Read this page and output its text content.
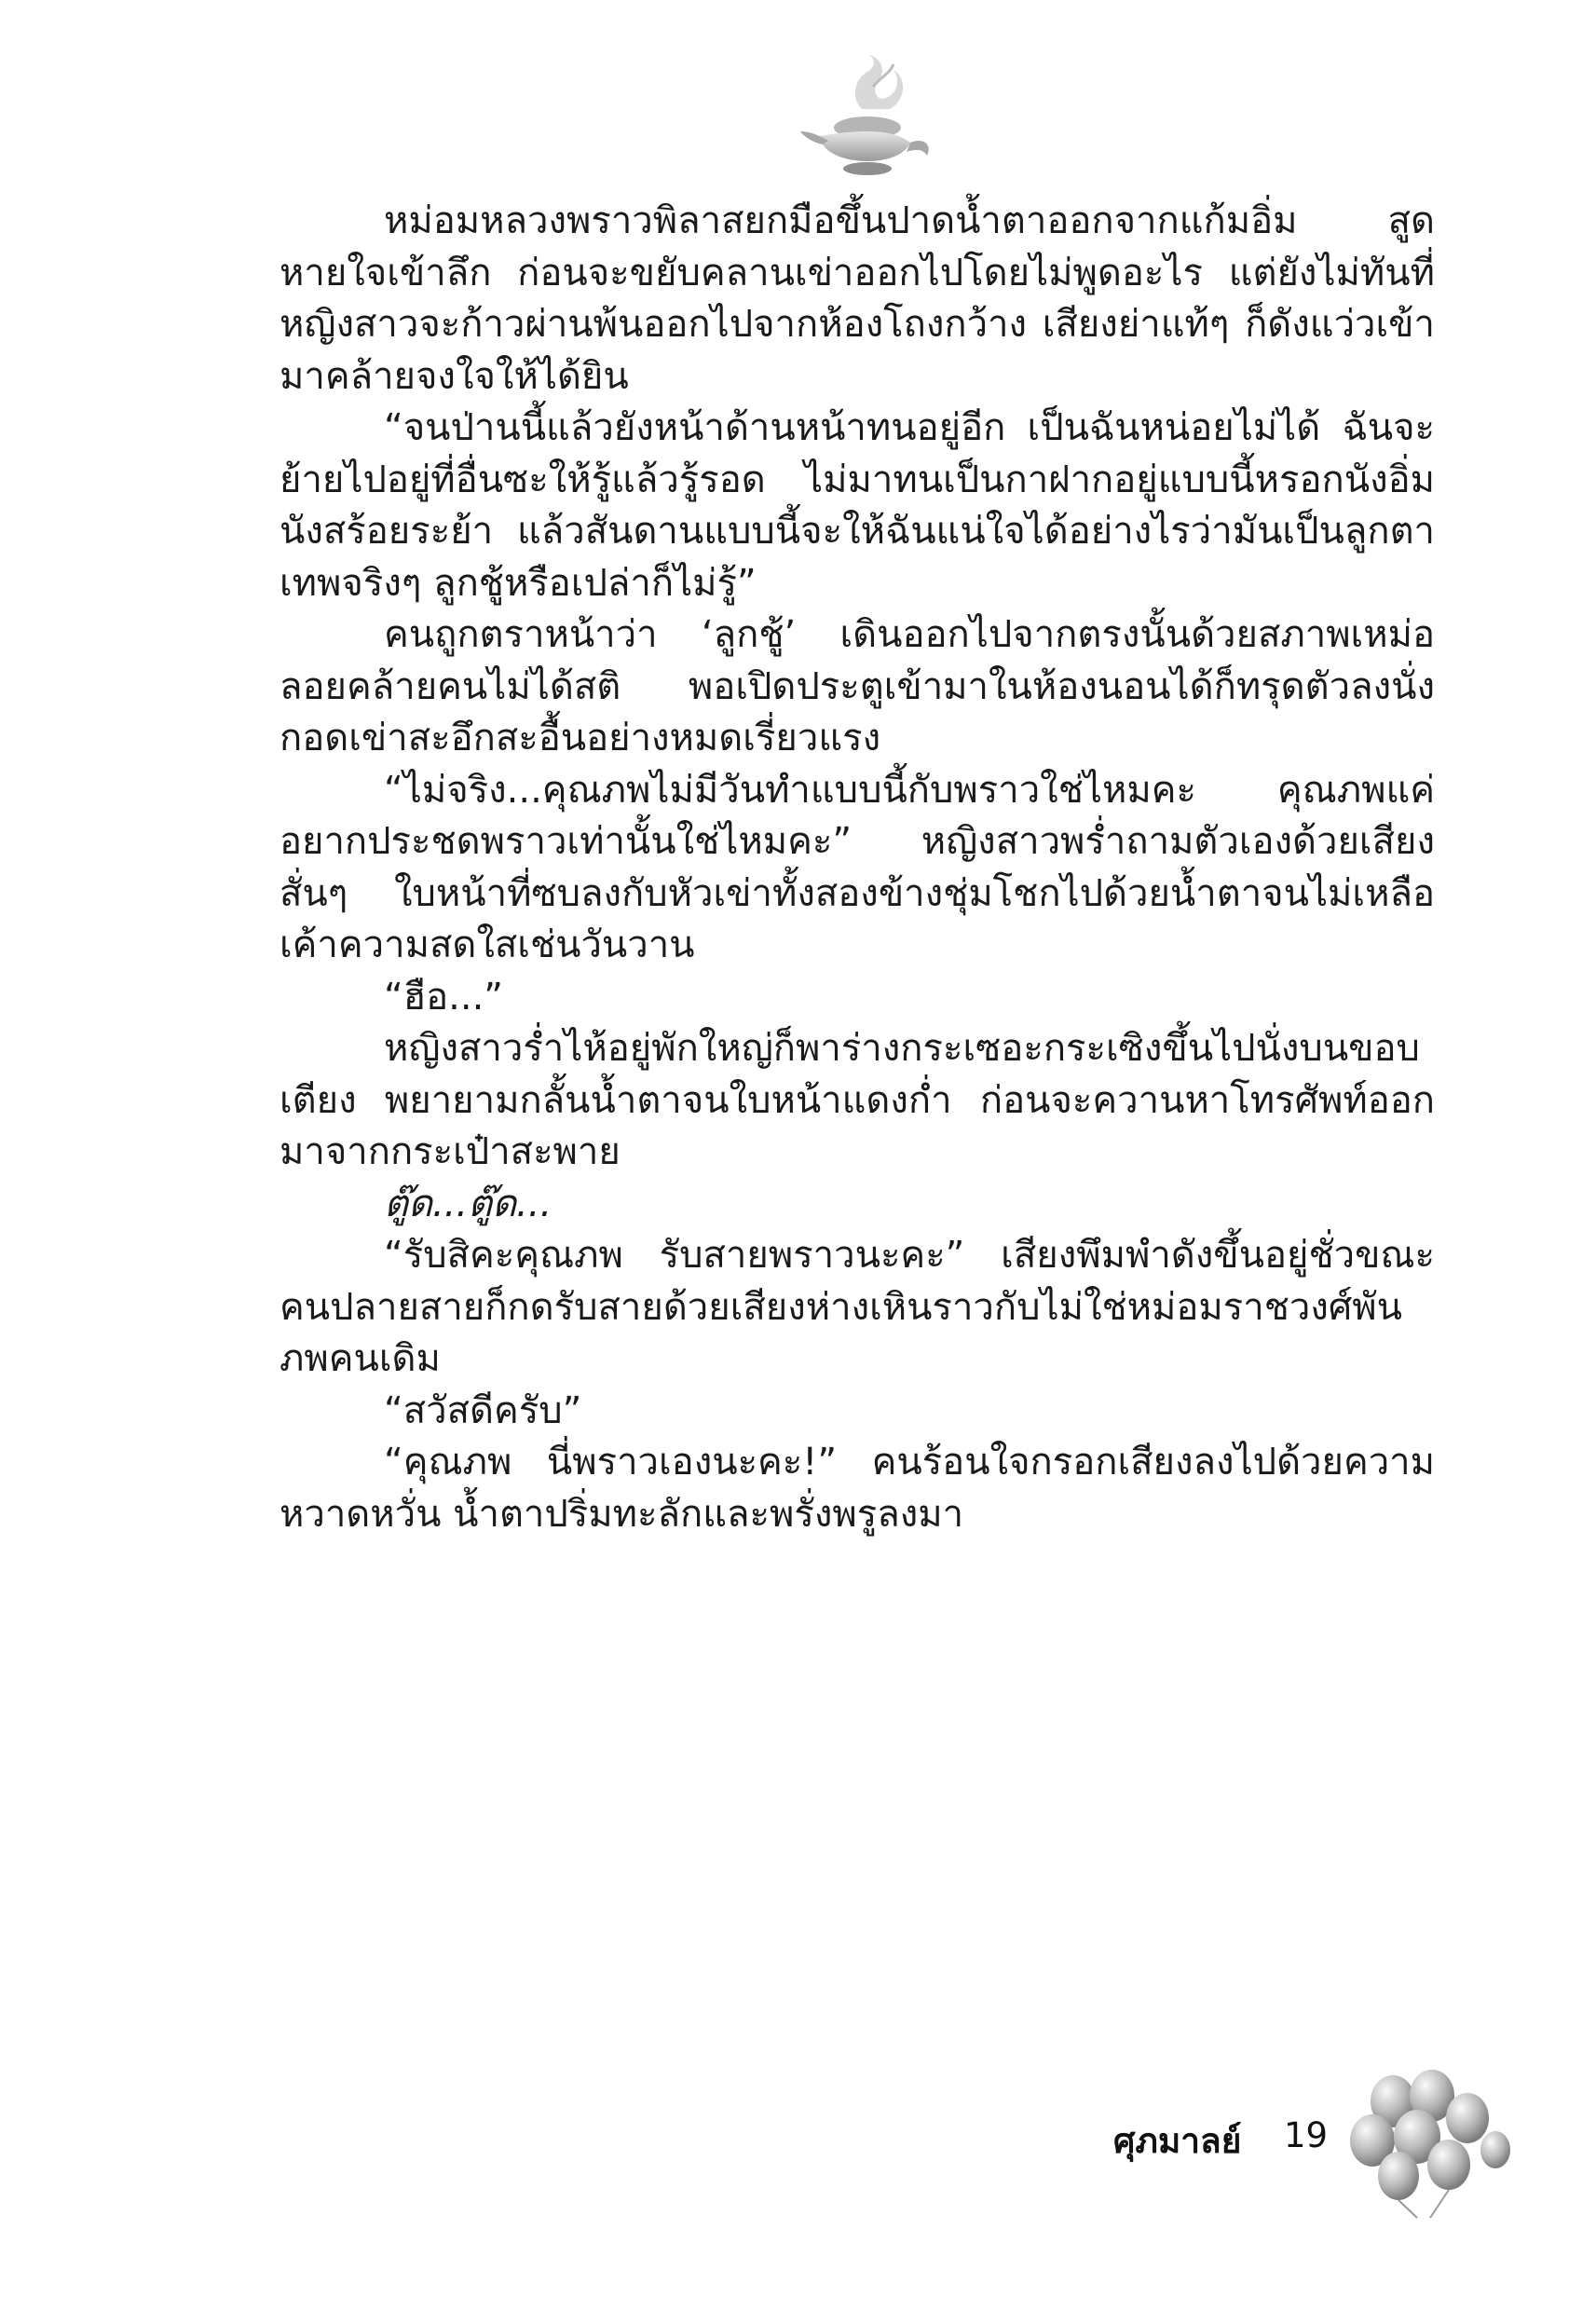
หม่อมหลวงพราวพิลาสยกมือขึ้นปาดน้ำตาออกจากแก้มอิ่ม สูดหายใจเข้าลึก ก่อนจะขยับคลานเข่าออกไปโดยไม่พูดอะไร แต่ยังไม่ทันที่หญิงสาวจะก้าวผ่านพ้นออกไปจากห้องโถงกว้าง เสียงย่าแท้ๆ ก็ดังแว่วเข้ามาคล้ายจงใจให้ได้ยิน

“จนป่านนี้แล้วยังหน้าด้านหน้าทนอยู่อีก เป็นฉันหน่อยไม่ได้ ฉันจะย้ายไปอยู่ที่อื่นซะให้รู้แล้วรู้รอด ไม่มาทนเป็นกาฝากอยู่แบบนี้หรอกนังอิ่ม นังสร้อยระย้า แล้วสันดานแบบนี้จะให้ฉันแน่ใจได้อย่างไรว่ามันเป็นลูกตาเทพจริงๆ ลูกชู้หรือเปล่าก็ไม่รู้”

คนถูกตราหน้าว่า ‘ลูกชู้’ เดินออกไปจากตรงนั้นด้วยสภาพเหม่อลอยคล้ายคนไม่ได้สติ พอเปิดประตูเข้ามาในห้องนอนได้ก็ทรุดตัวลงนั่งกอดเข่าสะอึกสะอื้นอย่างหมดเรี่ยวแรง

“ไม่จริง...คุณภพไม่มีวันทำแบบนี้กับพราวใช่ไหมคะ คุณภพแค่อยากประชดพราวเท่านั้นใช่ไหมคะ” หญิงสาวพร่ำถามตัวเองด้วยเสียงสั่นๆ ใบหน้าที่ซบลงกับหัวเข่าทั้งสองข้างชุ่มโชกไปด้วยน้ำตาจนไม่เหลือเค้าความสดใสเช่นวันวาน

“ฮือ...”

หญิงสาวร่ำไห้อยู่พักใหญ่ก็พาร่างกระเซอะกระเซิงขึ้นไปนั่งบนขอบเตียง พยายามกลั้นน้ำตาจนใบหน้าแดงก่ำ ก่อนจะควานหาโทรศัพท์ออกมาจากกระเป๋าสะพาย

ตู๊ด...ตู๊ด...

“รับสิคะคุณภพ รับสายพราวนะคะ” เสียงพึมพำดังขึ้นอยู่ชั่วขณะ คนปลายสายก็กดรับสายด้วยเสียงห่างเหินราวกับไม่ใช่หม่อมราชวงศ์พันภพคนเดิม

“สวัสดีครับ”

“คุณภพ นี่พราวเองนะคะ!” คนร้อนใจกรอกเสียงลงไปด้วยความหวาดหวั่น น้ำตาปริ่มทะลักและพรั่งพรูลงมา

ศุภมาลย์ 19
